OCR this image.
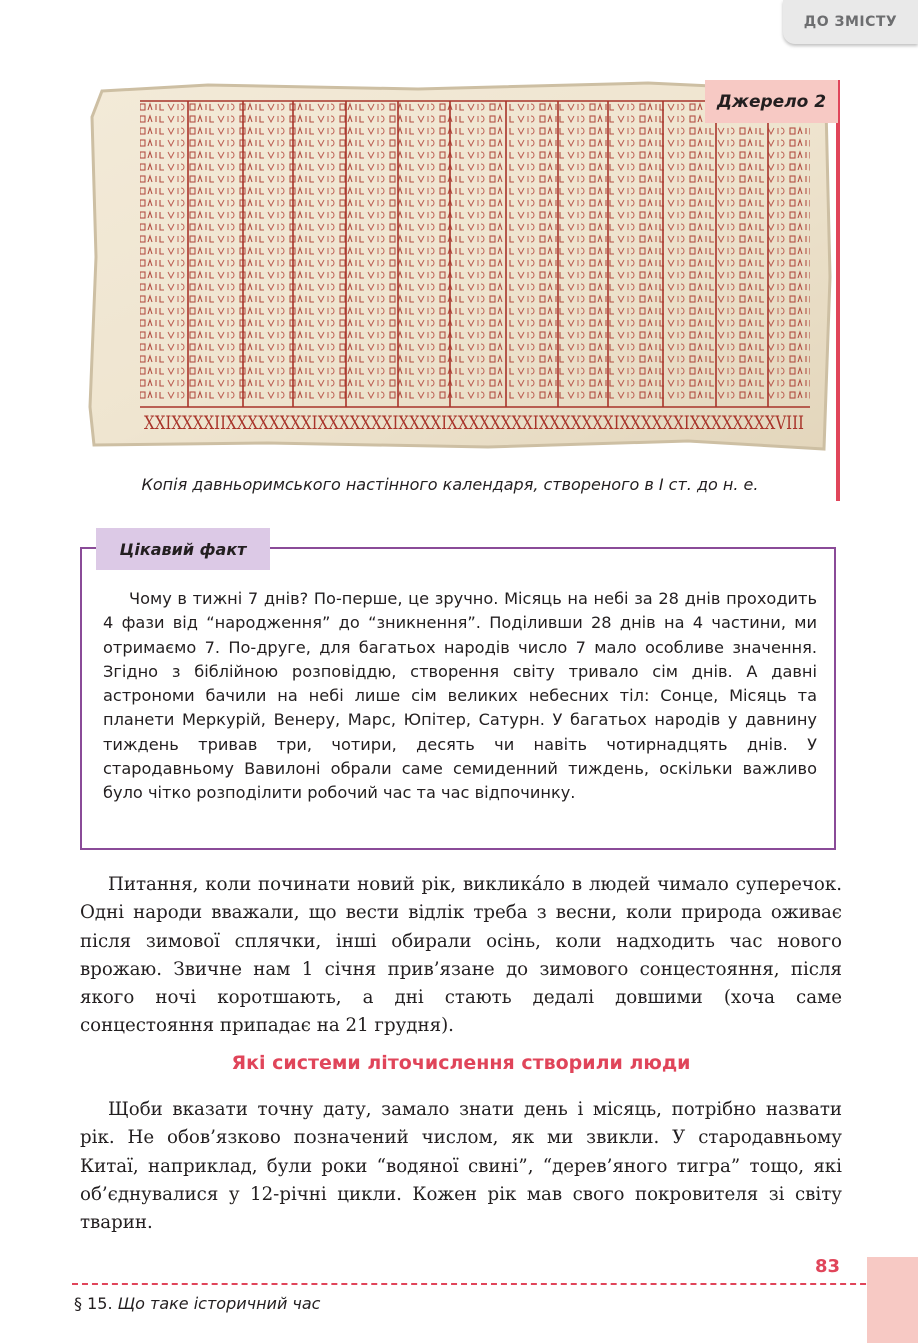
ДО ЗМІСТУ
XXIXXXXIIXXXXXXXXIXXXXXXXIXXXXIXXXXXXXXIXXXXXXXIXXXXXXIXXXXXXXXVIII
Джерело 2
Копія давньоримського настінного календаря, створеного в І ст. до н. е.
Цікавий факт
Чому в тижні 7 днів? По-перше, це зручно. Місяць на небі за 28 днів проходить 4 фази від “народження” до “зникнення”. Поділивши 28 днів на 4 частини, ми отримаємо 7. По-друге, для багатьох народів число 7 мало особливе значення. Згідно з біблійною розповіддю, створення світу тривало сім днів. А давні астрономи бачили на небі лише сім великих небесних тіл: Сонце, Місяць та планети Меркурій, Венеру, Марс, Юпітер, Сатурн. У багатьох народів у давнину тиждень тривав три, чотири, десять чи навіть чотирнадцять днів. У стародавньому Вавилоні обрали саме семиденний тиждень, оскільки важливо було чітко розподілити робочий час та час відпочинку.
Питання, коли починати новий рік, виклика́ло в людей чимало суперечок. Одні народи вважали, що вести відлік треба з весни, коли природа оживає після зимової сплячки, інші обирали осінь, коли надходить час нового врожаю. Звичне нам 1 січня прив’язане до зимового сонцестояння, після якого ночі коротшають, а дні стають дедалі довшими (хоча саме сонцестояння припадає на 21 грудня).
Які системи літочислення створили люди
Щоби вказати точну дату, замало знати день і місяць, потрібно назвати рік. Не обов’язково позначений числом, як ми звикли. У стародавньому Китаї, наприклад, були роки “водяної свині”, “дерев’яного тигра” тощо, які об’єднувалися у 12-річні цикли. Кожен рік мав свого покровителя зі світу тварин.
83
§ 15. Що таке історичний час
